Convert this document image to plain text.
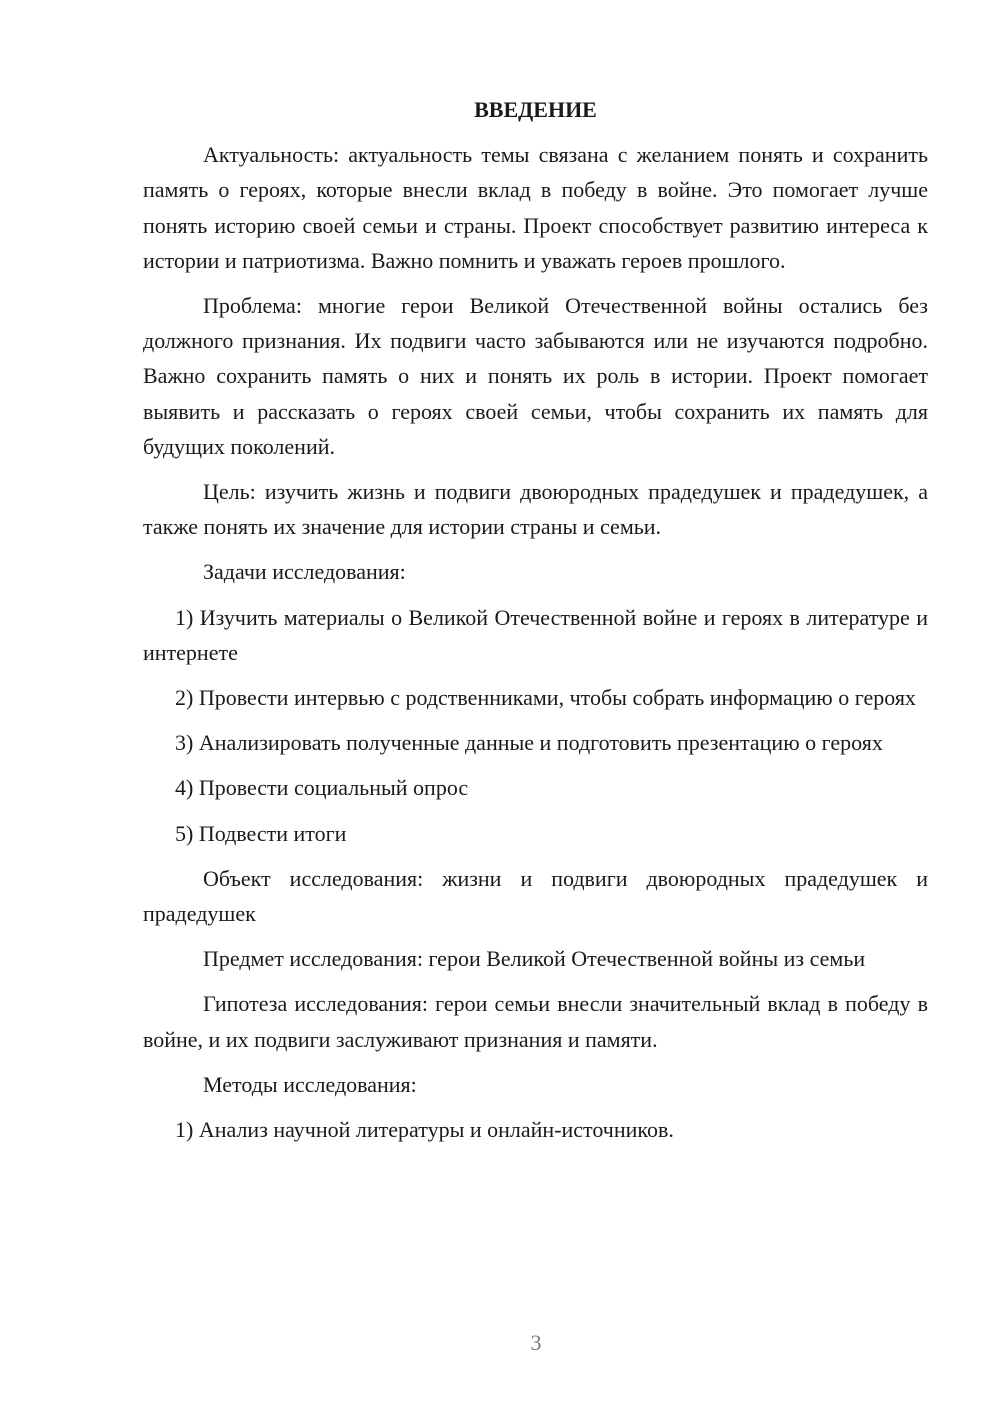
ВВЕДЕНИЕ

Актуальность: актуальность темы связана с желанием понять и сохранить память о героях, которые внесли вклад в победу в войне. Это помогает лучше понять историю своей семьи и страны. Проект способствует развитию интереса к истории и патриотизма. Важно помнить и уважать героев прошлого.

Проблема: многие герои Великой Отечественной войны остались без должного признания. Их подвиги часто забываются или не изучаются подробно. Важно сохранить память о них и понять их роль в истории. Проект помогает выявить и рассказать о героях своей семьи, чтобы сохранить их память для будущих поколений.

Цель: изучить жизнь и подвиги двоюродных прадедушек и прадедушек, а также понять их значение для истории страны и семьи.

Задачи исследования:

1) Изучить материалы о Великой Отечественной войне и героях в литературе и интернете

2) Провести интервью с родственниками, чтобы собрать информацию о героях

3) Анализировать полученные данные и подготовить презентацию о героях

4) Провести социальный опрос

5) Подвести итоги

Объект исследования: жизни и подвиги двоюродных прадедушек и прадедушек

Предмет исследования: герои Великой Отечественной войны из семьи

Гипотеза исследования: герои семьи внесли значительный вклад в победу в войне, и их подвиги заслуживают признания и памяти.

Методы исследования:

1) Анализ научной литературы и онлайн-источников.

3
